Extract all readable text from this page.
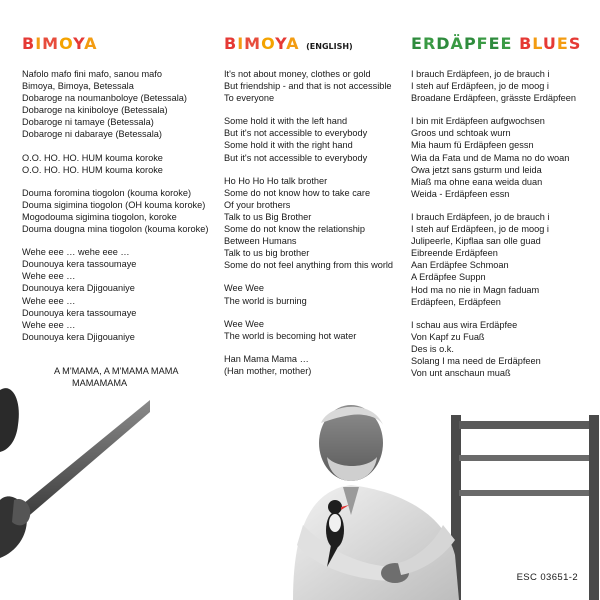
BIMOYA
Nafolo mafo fini mafo, sanou mafo
Bimoya, Bimoya, Betessala
Dobaroge na noumanboloye (Betessala)
Dobaroge na kiniboloye (Betessala)
Dobaroge ni tamaye (Betessala)
Dobaroge ni dabaraye (Betessala)
O.O. HO. HO. HUM kouma koroke
O.O. HO. HO. HUM kouma koroke
Douma foromina tiogolon (kouma koroke)
Douma sigimina tiogolon (OH kouma koroke)
Mogodouma sigimina tiogolon, koroke
Douma dougna mina tiogolon (kouma koroke)
Wehe eee … wehe eee …
Dounouya kera tassoumaye
Wehe eee …
Dounouya kera Djigouaniye
Wehe eee …
Dounouya kera tassoumaye
Wehe eee …
Dounouya kera Djigouaniye
A M'MAMA, A M'MAMA MAMA
MAMAMAMA
BIMOYA (ENGLISH)
It's not about money, clothes or gold
But friendship - and that is not accessible
To everyone
Some hold it with the left hand
But it's not accessible to everybody
Some hold it with the right hand
But it's not accessible to everybody
Ho Ho Ho Ho talk brother
Some do not know how to take care
Of your brothers
Talk to us Big Brother
Some do not know the relationship
Between Humans
Talk to us big brother
Some do not feel anything from this world
Wee Wee
The world is burning
Wee Wee
The world is becoming hot water
Han Mama Mama …
(Han mother, mother)
ERDÄPFEE BLUES
I brauch Erdäpfeen, jo de brauch i
I steh auf Erdäpfeen, jo de moog i
Broadane Erdäpfeen, grässte Erdäpfeen
I bin mit Erdäpfeen aufgwochsen
Groos und schtoak wurn
Mia haum fü Erdäpfeen gessn
Wia da Fata und de Mama no do woan
Owa jetzt sans gsturm und leida
Miaß ma ohne eana weida duan
Weida - Erdäpfeen essn
I brauch Erdäpfeen, jo de brauch i
I steh auf Erdäpfeen, jo de moog i
Julipeerle, Kipflaa san olle guad
Eibreende Erdäpfeen
Aan Erdäpfee Schmoan
A Erdäpfee Suppn
Hod ma no nie in Magn faduam
Erdäpfeen, Erdäpfeen
I schau aus wira Erdäpfee
Von Kapf zu Fuaß
Des is o.k.
Solang I ma need de Erdäpfeen
Von unt anschaun muaß
ESC 03651-2
